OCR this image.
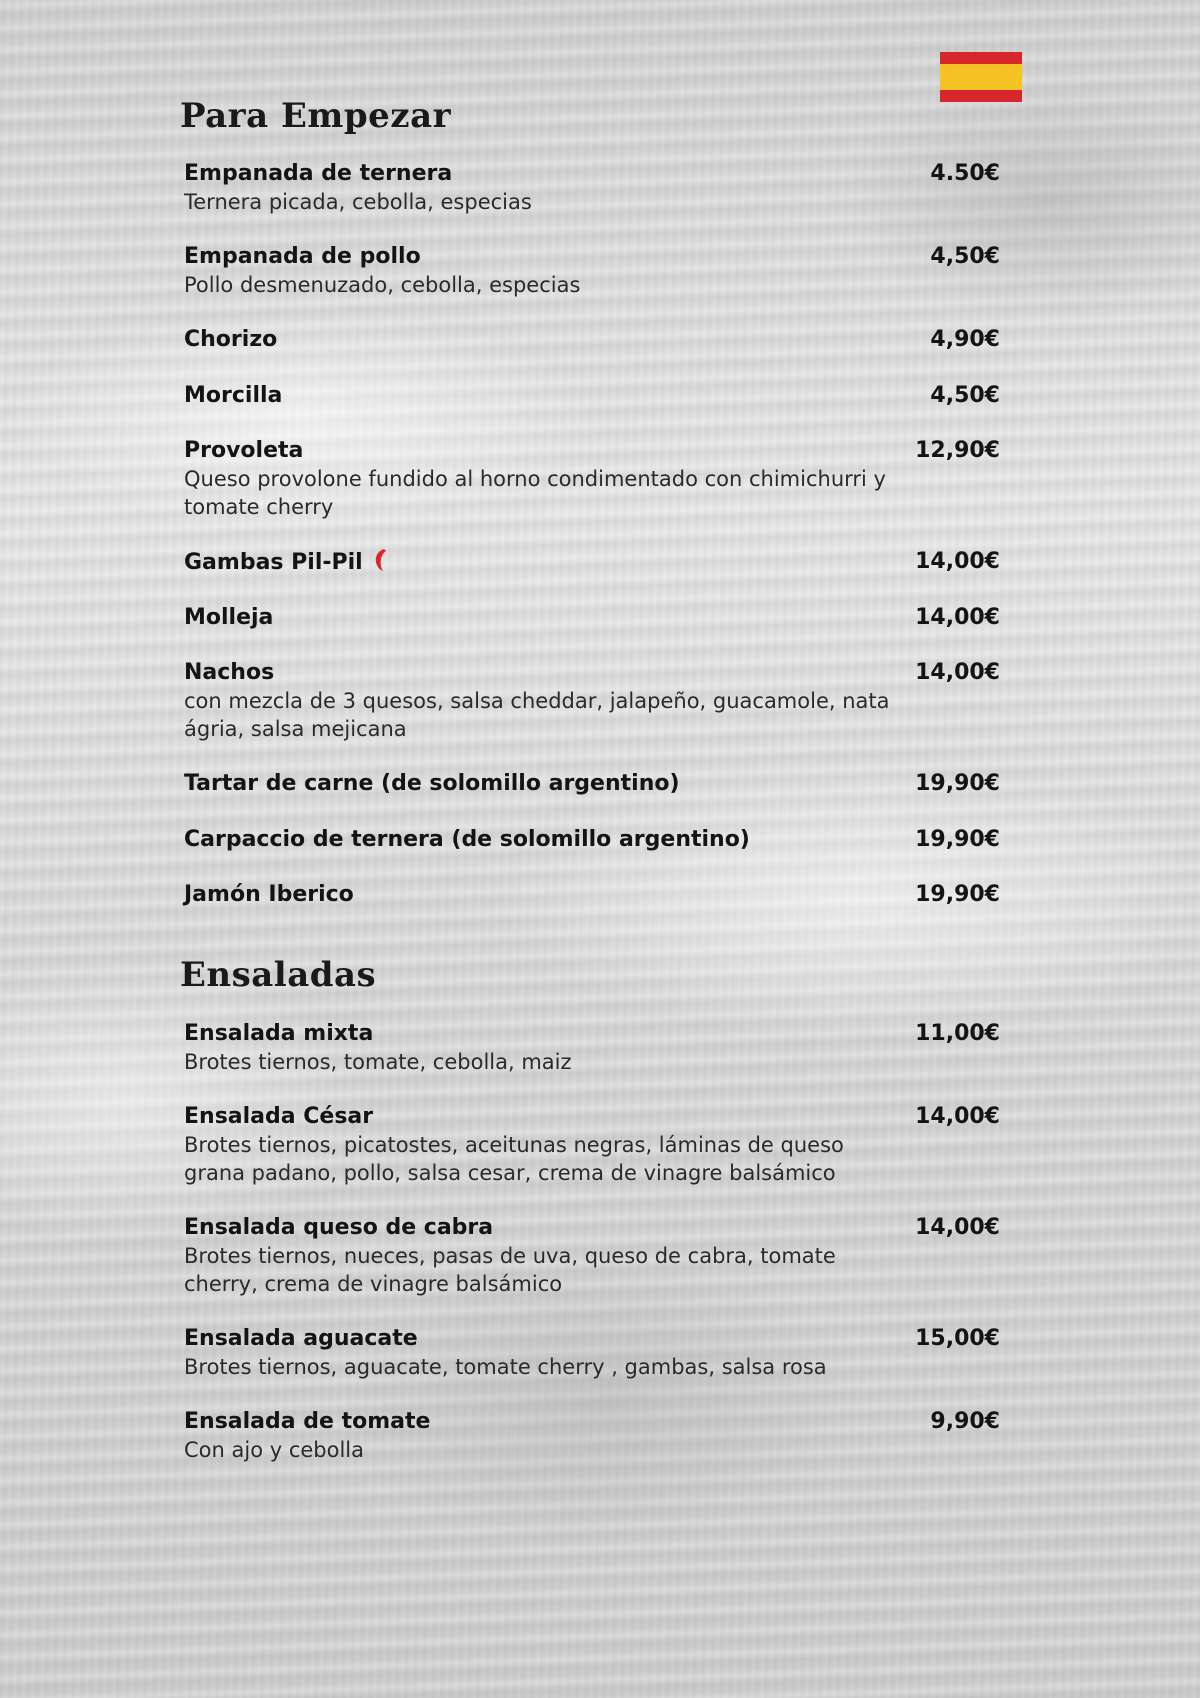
Para Empezar
Empanada de ternera	4.50€
Ternera picada, cebolla, especias
Empanada de pollo	4,50€
Pollo desmenuzado, cebolla, especias
Chorizo	4,90€
Morcilla	4,50€
Provoleta	12,90€
Queso provolone fundido al horno condimentado con chimichurri y tomate cherry
Gambas Pil-Pil	14,00€
Molleja	14,00€
Nachos	14,00€
con mezcla de 3 quesos, salsa cheddar, jalapeño, guacamole, nata ágria, salsa mejicana
Tartar de carne (de solomillo argentino)	19,90€
Carpaccio de ternera (de solomillo argentino)	19,90€
Jamón Iberico	19,90€
Ensaladas
Ensalada mixta	11,00€
Brotes tiernos, tomate, cebolla, maiz
Ensalada César	14,00€
Brotes tiernos, picatostes, aceitunas negras, láminas de queso grana padano, pollo, salsa cesar, crema de vinagre balsámico
Ensalada queso de cabra	14,00€
Brotes tiernos, nueces, pasas de uva, queso de cabra, tomate cherry, crema de vinagre balsámico
Ensalada aguacate	15,00€
Brotes tiernos, aguacate, tomate cherry , gambas, salsa rosa
Ensalada de tomate	9,90€
Con ajo y cebolla
